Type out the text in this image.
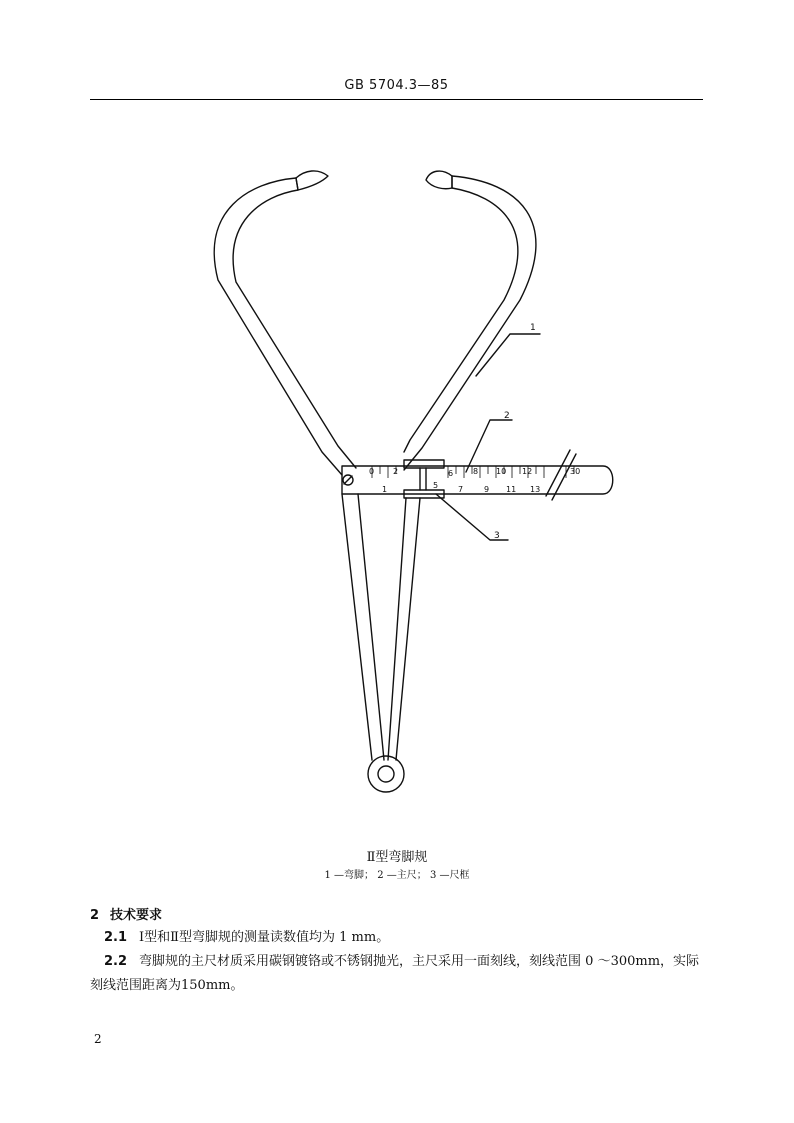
GB 5704.3—85
0 2	6 8 10 12	30
1	5 7	9 11 13
1
2
3
Ⅱ型弯脚规
1 —弯脚； 2 —主尺； 3 —尺框
2 技术要求
2.1 Ⅰ型和Ⅱ型弯脚规的测量读数值均为 1 mm。
2.2 弯脚规的主尺材质采用碳钢镀铬或不锈钢抛光，主尺采用一面刻线，刻线范围 0 ～300mm，实际刻线范围距离为150mm。
2
